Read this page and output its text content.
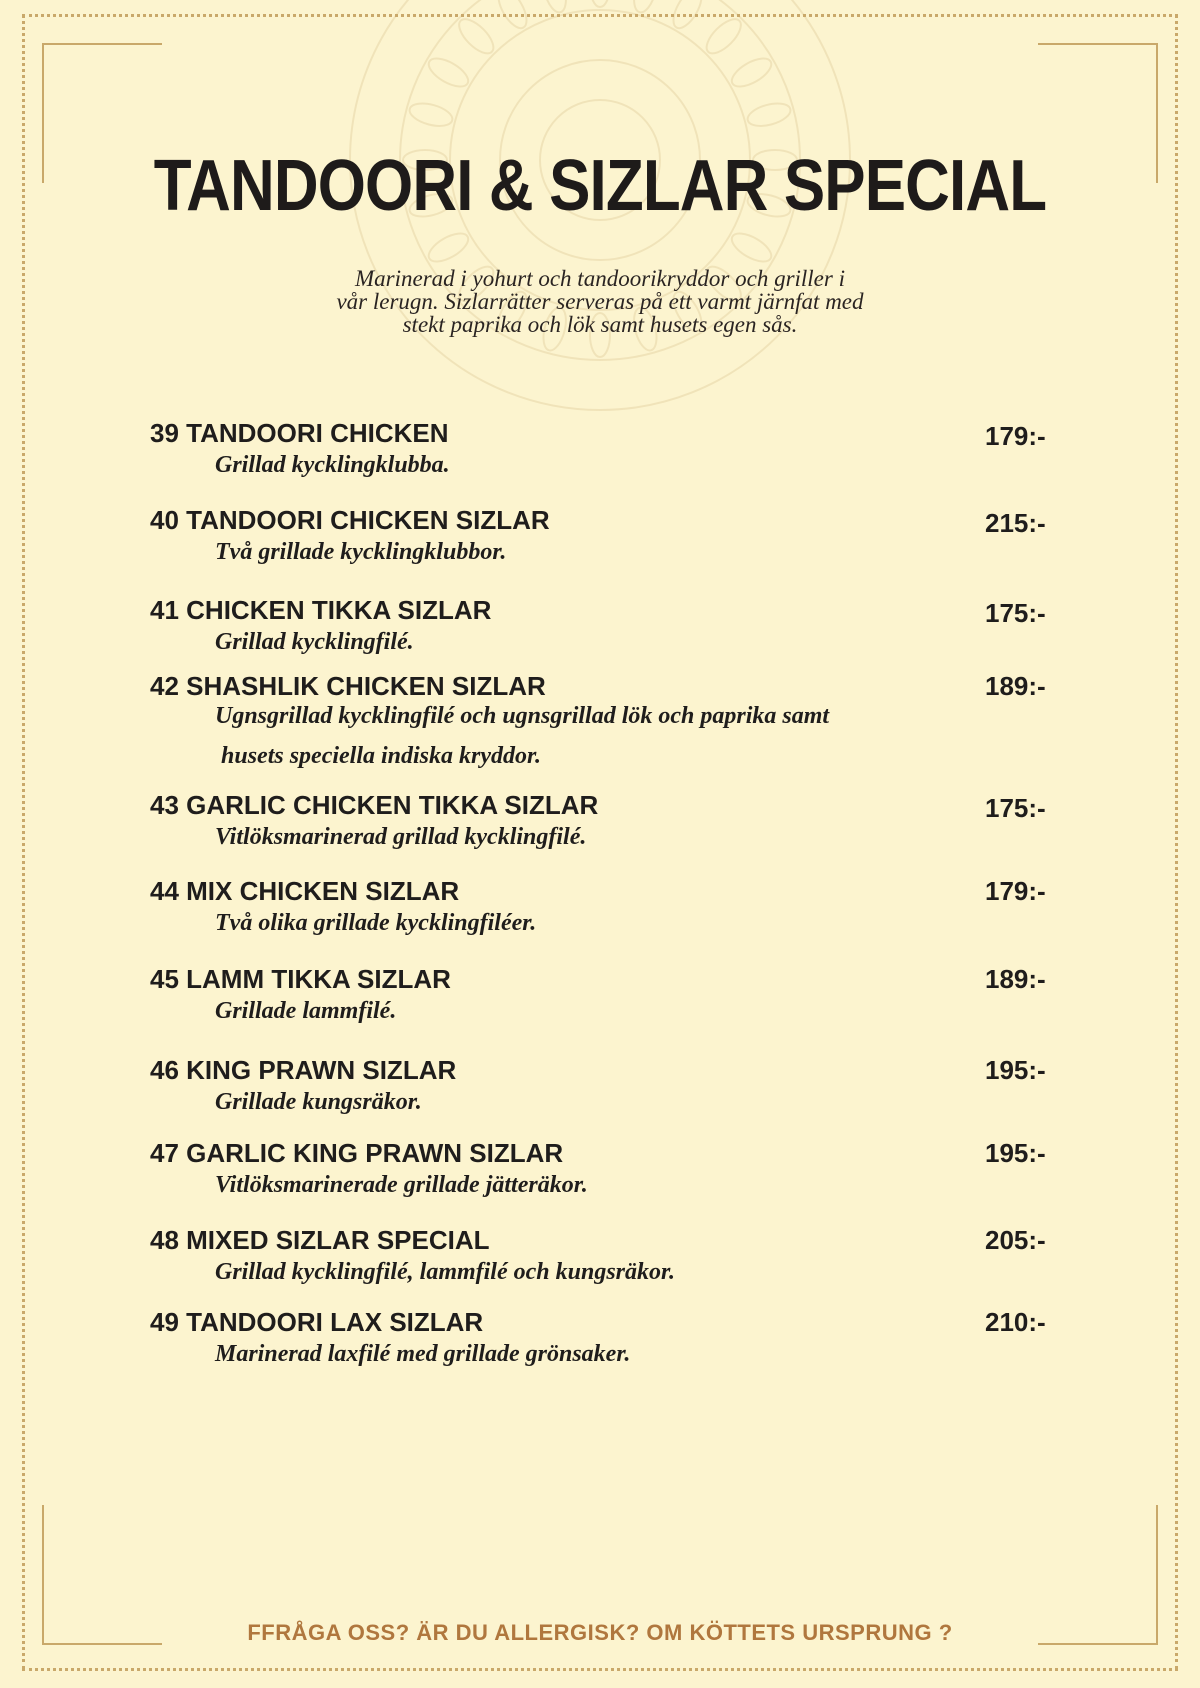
TANDOORI & SIZLAR SPECIAL
Marinerad i yohurt och tandoorikryddor och griller i
vår lerugn. Sizlarrätter serveras på ett varmt järnfat med
stekt paprika och lök samt husets egen sås.
39 TANDOORI CHICKEN
Grillad kycklingklubba.
179:-
40 TANDOORI CHICKEN SIZLAR
Två grillade kycklingklubbor.
215:-
41 CHICKEN TIKKA SIZLAR
Grillad kycklingfilé.
175:-
42 SHASHLIK CHICKEN SIZLAR
Ugnsgrillad kycklingfilé och ugnsgrillad lök och paprika samt
husets speciella indiska kryddor.
189:-
43 GARLIC CHICKEN TIKKA SIZLAR
Vitlöksmarinerad grillad kycklingfilé.
175:-
44 MIX CHICKEN SIZLAR
Två olika grillade kycklingfiléer.
179:-
45 LAMM TIKKA SIZLAR
Grillade lammfilé.
189:-
46 KING PRAWN SIZLAR
Grillade kungsräkor.
195:-
47 GARLIC KING PRAWN SIZLAR
Vitlöksmarinerade grillade jätteräkor.
195:-
48 MIXED SIZLAR SPECIAL
Grillad kycklingfilé, lammfilé och kungsräkor.
205:-
49 TANDOORI LAX SIZLAR
Marinerad laxfilé med grillade grönsaker.
210:-
FFRÅGA OSS? ÄR DU ALLERGISK? OM KÖTTETS URSPRUNG ?
